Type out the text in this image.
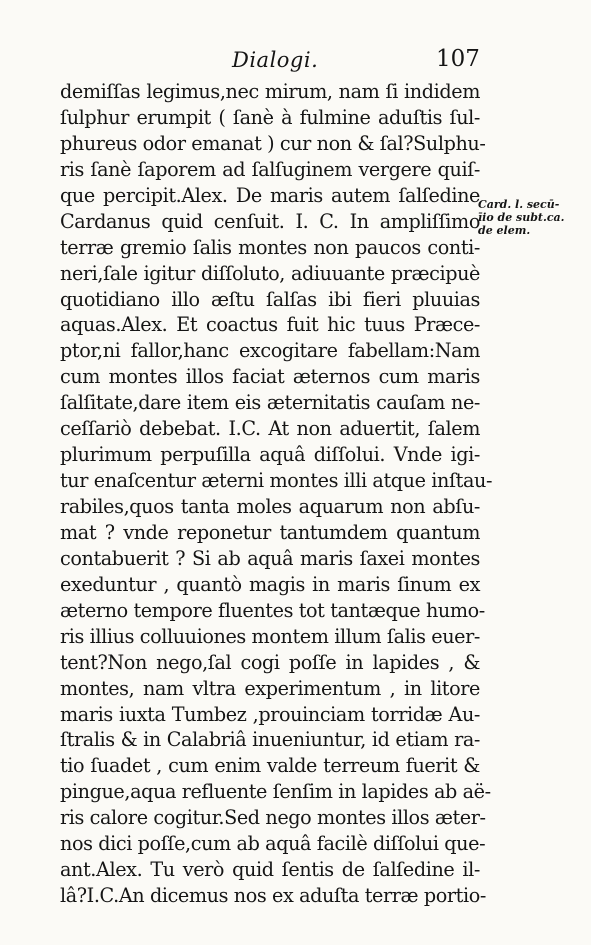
Dialogi.	107
Card. l. secū-
īio de subt.ca.
de elem.
demiſſas legimus,nec mirum, nam ſi indidem
ſulphur erumpit ( ſanè à fulmine aduſtis ſul-
phureus odor emanat ) cur non & ſal?Sulphu-
ris ſanè ſaporem ad ſalſuginem vergere quiſ-
que percipit.Alex. De maris autem ſalſedine
Cardanus quid cenſuit. I. C. In ampliſſimo
terræ gremio ſalis montes non paucos conti-
neri,ſale igitur diſſoluto, adiuuante præcipuè
quotidiano illo æſtu ſalſas ibi fieri pluuias
aquas.Alex. Et coactus fuit hic tuus Præce-
ptor,ni fallor,hanc excogitare fabellam:Nam
cum montes illos faciat æternos cum maris
ſalſitate,dare item eis æternitatis cauſam ne-
ceſſariò debebat. I.C. At non aduertit, ſalem
plurimum perpuſilla aquâ diſſolui. Vnde igi-
tur enaſcentur æterni montes illi atque inſtau-
rabiles,quos tanta moles aquarum non abſu-
mat ? vnde reponetur tantumdem quantum
contabuerit ? Si ab aquâ maris ſaxei montes
exeduntur , quantò magis in maris ſinum ex
æterno tempore fluentes tot tantæque humo-
ris illius colluuiones montem illum ſalis euer-
tent?Non nego,ſal cogi poſſe in lapides , &
montes, nam vltra experimentum , in litore
maris iuxta Tumbez ,prouinciam torridæ Au-
ſtralis & in Calabriâ inueniuntur, id etiam ra-
tio ſuadet , cum enim valde terreum fuerit &
pingue,aqua refluente ſenſim in lapides ab aë-
ris calore cogitur.Sed nego montes illos æter-
nos dici poſſe,cum ab aquâ facilè diſſolui que-
ant.Alex. Tu verò quid ſentis de ſalſedine il-
lâ?I.C.An dicemus nos ex aduſta terræ portio-
